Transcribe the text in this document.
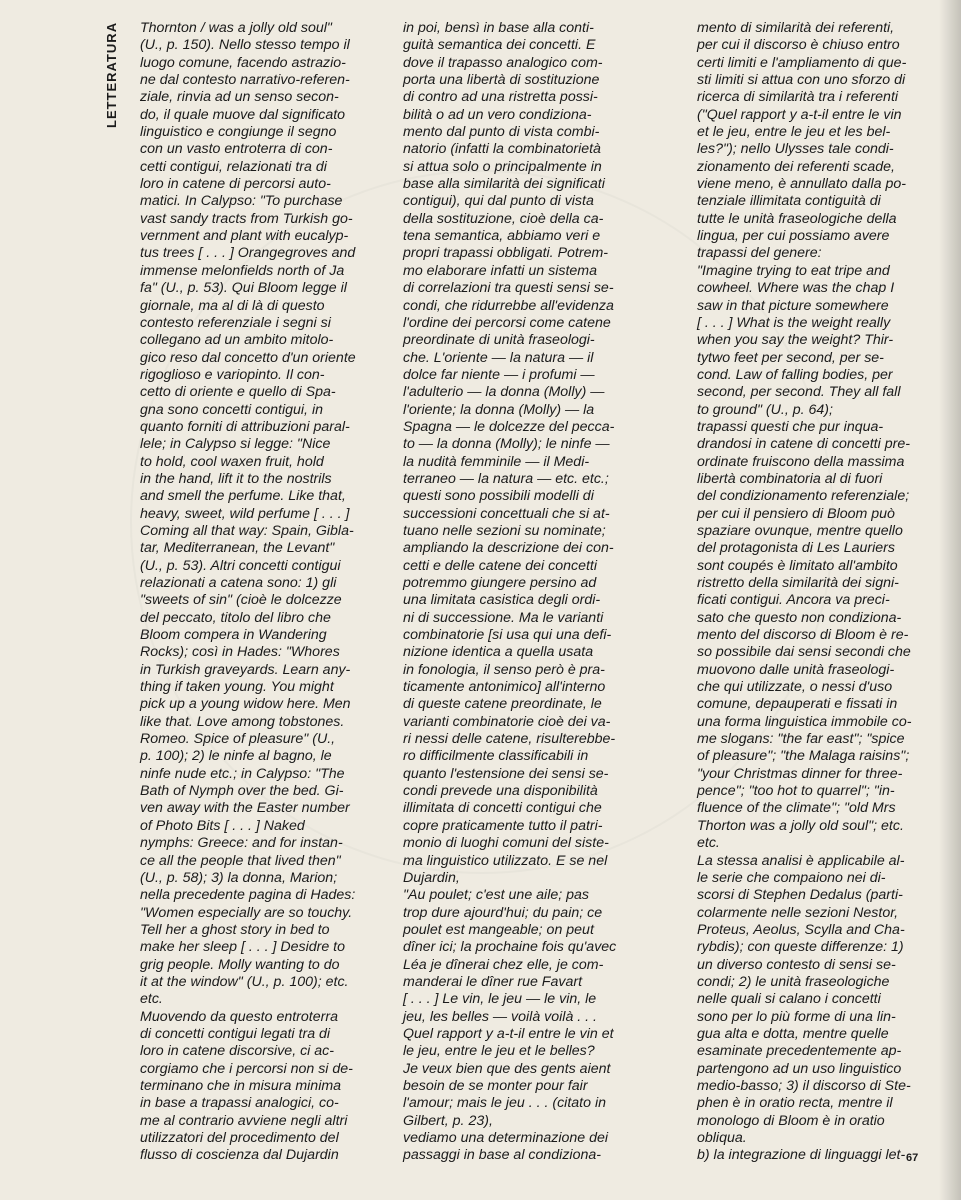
LETTERATURA Thornton / was a jolly old soul"
(U., p. 150). Nello stesso tempo il
luogo comune, facendo astrazio-
ne dal contesto narrativo-referen-
ziale, rinvia ad un senso secon-
do, il quale muove dal significato
linguistico e congiunge il segno
con un vasto entroterra di con-
cetti contigui, relazionati tra di
loro in catene di percorsi auto-
matici. In Calypso: "To purchase
vast sandy tracts from Turkish go-
vernment and plant with eucalyp-
tus trees [ . . . ] Orangegroves and
immense melonfields north of Ja
fa" (U., p. 53). Qui Bloom legge il
giornale, ma al di là di questo
contesto referenziale i segni si
collegano ad un ambito mitolo-
gico reso dal concetto d'un oriente
rigoglioso e variopinto. Il con-
cetto di oriente e quello di Spa-
gna sono concetti contigui, in
quanto forniti di attribuzioni paral-
lele; in Calypso si legge: "Nice
to hold, cool waxen fruit, hold
in the hand, lift it to the nostrils
and smell the perfume. Like that,
heavy, sweet, wild perfume [ . . . ]
Coming all that way: Spain, Gibla-
tar, Mediterranean, the Levant"
(U., p. 53). Altri concetti contigui
relazionati a catena sono: 1) gli
"sweets of sin" (cioè le dolcezze
del peccato, titolo del libro che
Bloom compera in Wandering
Rocks); così in Hades: "Whores
in Turkish graveyards. Learn any-
thing if taken young. You might
pick up a young widow here. Men
like that. Love among tobstones.
Romeo. Spice of pleasure" (U.,
p. 100); 2) le ninfe al bagno, le
ninfe nude etc.; in Calypso: "The
Bath of Nymph over the bed. Gi-
ven away with the Easter number
of Photo Bits [ . . . ] Naked
nymphs: Greece: and for instan-
ce all the people that lived then"
(U., p. 58); 3) la donna, Marion;
nella precedente pagina di Hades:
"Women especially are so touchy.
Tell her a ghost story in bed to
make her sleep [ . . . ] Desidre to
grig people. Molly wanting to do
it at the window" (U., p. 100); etc.
etc.
Muovendo da questo entroterra
di concetti contigui legati tra di
loro in catene discorsive, ci ac-
corgiamo che i percorsi non si de-
terminano che in misura minima
in base a trapassi analogici, co-
me al contrario avviene negli altri
utilizzatori del procedimento del
flusso di coscienza dal Dujardin
in poi, bensì in base alla conti-
guità semantica dei concetti. E
dove il trapasso analogico com-
porta una libertà di sostituzione
di contro ad una ristretta possi-
bilità o ad un vero condiziona-
mento dal punto di vista combi-
natorio (infatti la combinatorietà
si attua solo o principalmente in
base alla similarità dei significati
contigui), qui dal punto di vista
della sostituzione, cioè della ca-
tena semantica, abbiamo veri e
propri trapassi obbligati. Potrem-
mo elaborare infatti un sistema
di correlazioni tra questi sensi se-
condi, che ridurrebbe all'evidenza
l'ordine dei percorsi come catene
preordinate di unità fraseologi-
che. L'oriente — la natura — il
dolce far niente — i profumi —
l'adulterio — la donna (Molly) —
l'oriente; la donna (Molly) — la
Spagna — le dolcezze del pecca-
to — la donna (Molly); le ninfe —
la nudità femminile — il Medi-
terraneo — la natura — etc. etc.;
questi sono possibili modelli di
successioni concettuali che si at-
tuano nelle sezioni su nominate;
ampliando la descrizione dei con-
cetti e delle catene dei concetti
potremmo giungere persino ad
una limitata casistica degli ordi-
ni di successione. Ma le varianti
combinatorie [si usa qui una defi-
nizione identica a quella usata
in fonologia, il senso però è pra-
ticamente antonimico] all'interno
di queste catene preordinate, le
varianti combinatorie cioè dei va-
ri nessi delle catene, risulterebbe-
ro difficilmente classificabili in
quanto l'estensione dei sensi se-
condi prevede una disponibilità
illimitata di concetti contigui che
copre praticamente tutto il patri-
monio di luoghi comuni del siste-
ma linguistico utilizzato. E se nel
Dujardin,
"Au poulet; c'est une aile; pas
trop dure ajourd'hui; du pain; ce
poulet est mangeable; on peut
dîner ici; la prochaine fois qu'avec
Léa je dînerai chez elle, je com-
manderai le dîner rue Favart
[ . . . ] Le vin, le jeu — le vin, le
jeu, les belles — voilà voilà . . .
Quel rapport y a-t-il entre le vin et
le jeu, entre le jeu et le belles?
Je veux bien que des gents aient
besoin de se monter pour fair
l'amour; mais le jeu . . . (citato in
Gilbert, p. 23),
vediamo una determinazione dei
passaggi in base al condiziona-
mento di similarità dei referenti,
per cui il discorso è chiuso entro
certi limiti e l'ampliamento di que-
sti limiti si attua con uno sforzo di
ricerca di similarità tra i referenti
("Quel rapport y a-t-il entre le vin
et le jeu, entre le jeu et les bel-
les?"); nello Ulysses tale condi-
zionamento dei referenti scade,
viene meno, è annullato dalla po-
tenziale illimitata contiguità di
tutte le unità fraseologiche della
lingua, per cui possiamo avere
trapassi del genere:
"Imagine trying to eat tripe and
cowheel. Where was the chap I
saw in that picture somewhere
[ . . . ] What is the weight really
when you say the weight? Thir-
tytwo feet per second, per se-
cond. Law of falling bodies, per
second, per second. They all fall
to ground" (U., p. 64);
trapassi questi che pur inqua-
drandosi in catene di concetti pre-
ordinate fruiscono della massima
libertà combinatoria al di fuori
del condizionamento referenziale;
per cui il pensiero di Bloom può
spaziare ovunque, mentre quello
del protagonista di Les Lauriers
sont coupés è limitato all'ambito
ristretto della similarità dei signi-
ficati contigui. Ancora va preci-
sato che questo non condiziona-
mento del discorso di Bloom è re-
so possibile dai sensi secondi che
muovono dalle unità fraseologi-
che qui utilizzate, o nessi d'uso
comune, depauperati e fissati in
una forma linguistica immobile co-
me slogans: "the far east"; "spice
of pleasure"; "the Malaga raisins";
"your Christmas dinner for three-
pence"; "too hot to quarrel"; "in-
fluence of the climate"; "old Mrs
Thorton was a jolly old soul"; etc.
etc.
La stessa analisi è applicabile al-
le serie che compaiono nei di-
scorsi di Stephen Dedalus (parti-
colarmente nelle sezioni Nestor,
Proteus, Aeolus, Scylla and Cha-
rybdis); con queste differenze: 1)
un diverso contesto di sensi se-
condi; 2) le unità fraseologiche
nelle quali si calano i concetti
sono per lo più forme di una lin-
gua alta e dotta, mentre quelle
esaminate precedentemente ap-
partengono ad un uso linguistico
medio-basso; 3) il discorso di Ste-
phen è in oratio recta, mentre il
monologo di Bloom è in oratio
obliqua.
b) la integrazione di linguaggi let- 67
